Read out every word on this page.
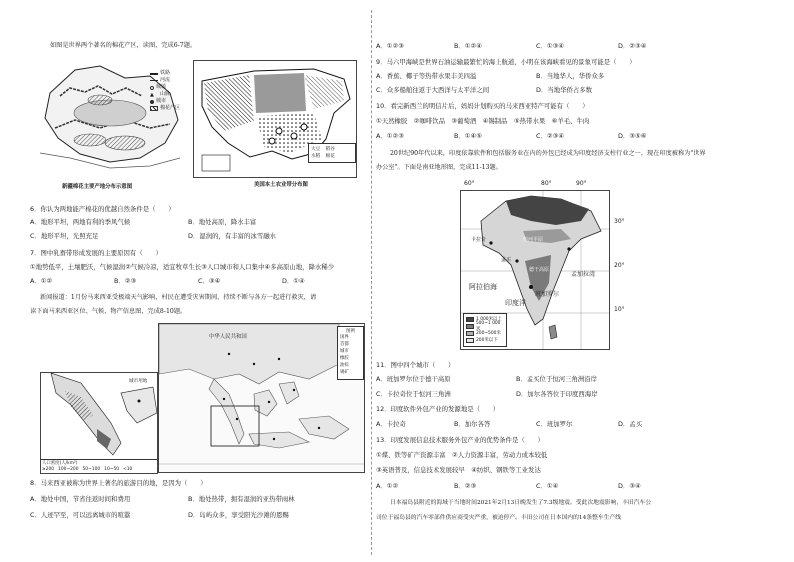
如图是世界两个著名的棉花产区，读图，完成6-7题。
铁路
河流
城镇
▲	山脉
城市
棉花产区
新疆棉花主要产地分布示意图
大豆
稻谷
水稻
棉花
美国本土农业带分布图
6．你认为两地能产棉花的优越自然条件是（　　）
A．地形平坦，两地有利的季风气候	B．地处高原，降水丰富
C．地形平坦，光照充足	D．湿润的，有丰富的冰雪融水
7．图中乳畜带形成发展的主要原因有（　　）
①地势低平，土壤肥沃，气候湿润②气候冷凉，适宜牧草生长③人口城市和人口集中④多高原山地，降水稀少
A．①②	B．②③	C．③④	D．①④
新闻报道：1月份马来西亚受极端天气影响，村民在遭受灾害期间，持续不断与各方一起进行救灾，请
读下面马来西亚区位、气候、物产信息图，完成8-10题。
中华人民共和国
图例
国界
首都
城市
橡胶
油棕
锡矿
城市用地
人口密度(人/km²)
≥200 100~200 50~100 10~50 <10
8．马来西亚被称为世界上著名的旅游目的地，是因为（　　）
A．地处中国，节省往返时间和费用	B．地处热带，拥有湿润的亚热带雨林
C．人迹罕至，可以远离城市的喧嚣	D．岛屿众多，享受阳光沙滩的恩赐
A．①②③	B．①②④	C．①③④	D．②③④
9．马六甲海峡是世界石油运输最繁忙的海上航道，小明在该海峡看见的景象可能是（　　）
A．香蕉、椰子等热带水果丰美四溢	B．当地华人，华侨众多
C．众多船舶往返于大西洋与太平洋之间	D．当地华侨占多数
10．看完新西兰的明信片后，妈妈计划购买的马来西亚特产可能有（　　）
①天然橡胶　②咖啡饮品　③葡萄酒　④锡制品　⑤热带水果　⑥羊毛、牛肉
A．①②③	B．①④⑤	C．②③④	D．③⑤⑥
20世纪90年代以来，印度依靠软件和包括服务业在内的外包已经成为印度经济支柱行业之一，现在印度被称为"世界
办公室"。下面是南亚地形图，完成11-13题。
60°	80°	90°
恒河平原
德干高原
阿拉伯海
孟加拉湾
印度洋
班加罗尔
孟买
卡拉奇
1 000米以上
500~1 000米
200~500米
200米以下
30°
20°
10°
11．图中四个城市（　　）
A．班加罗尔位于德干高原	B．孟买位于恒河三角洲沿岸
C．卡拉奇位于恒河三角洲	D．加尔各答位于印度西海岸
12．印度软件外包产业的发源地是（　　）
A．卡拉奇	B．加尔各答	C．班加罗尔	D．孟买
13．印度发展信息技术服务外包产业的优势条件是（　　）
①煤、铁等矿产资源丰富　②人力资源丰富，劳动力成本较低
③英语普及，信息技术发展较早　④纺织、钢铁等工业发达
A．①②	B．②③	C．①④	D．③④
日本福岛县附近的海域于当地时间2021年2月13日晚发生了7.3级地震。受此次地震影响，丰田汽车公
司位于福岛县的汽车零部件供应商受灾严重，被迫停产。丰田公司在日本国内的14条整车生产线
